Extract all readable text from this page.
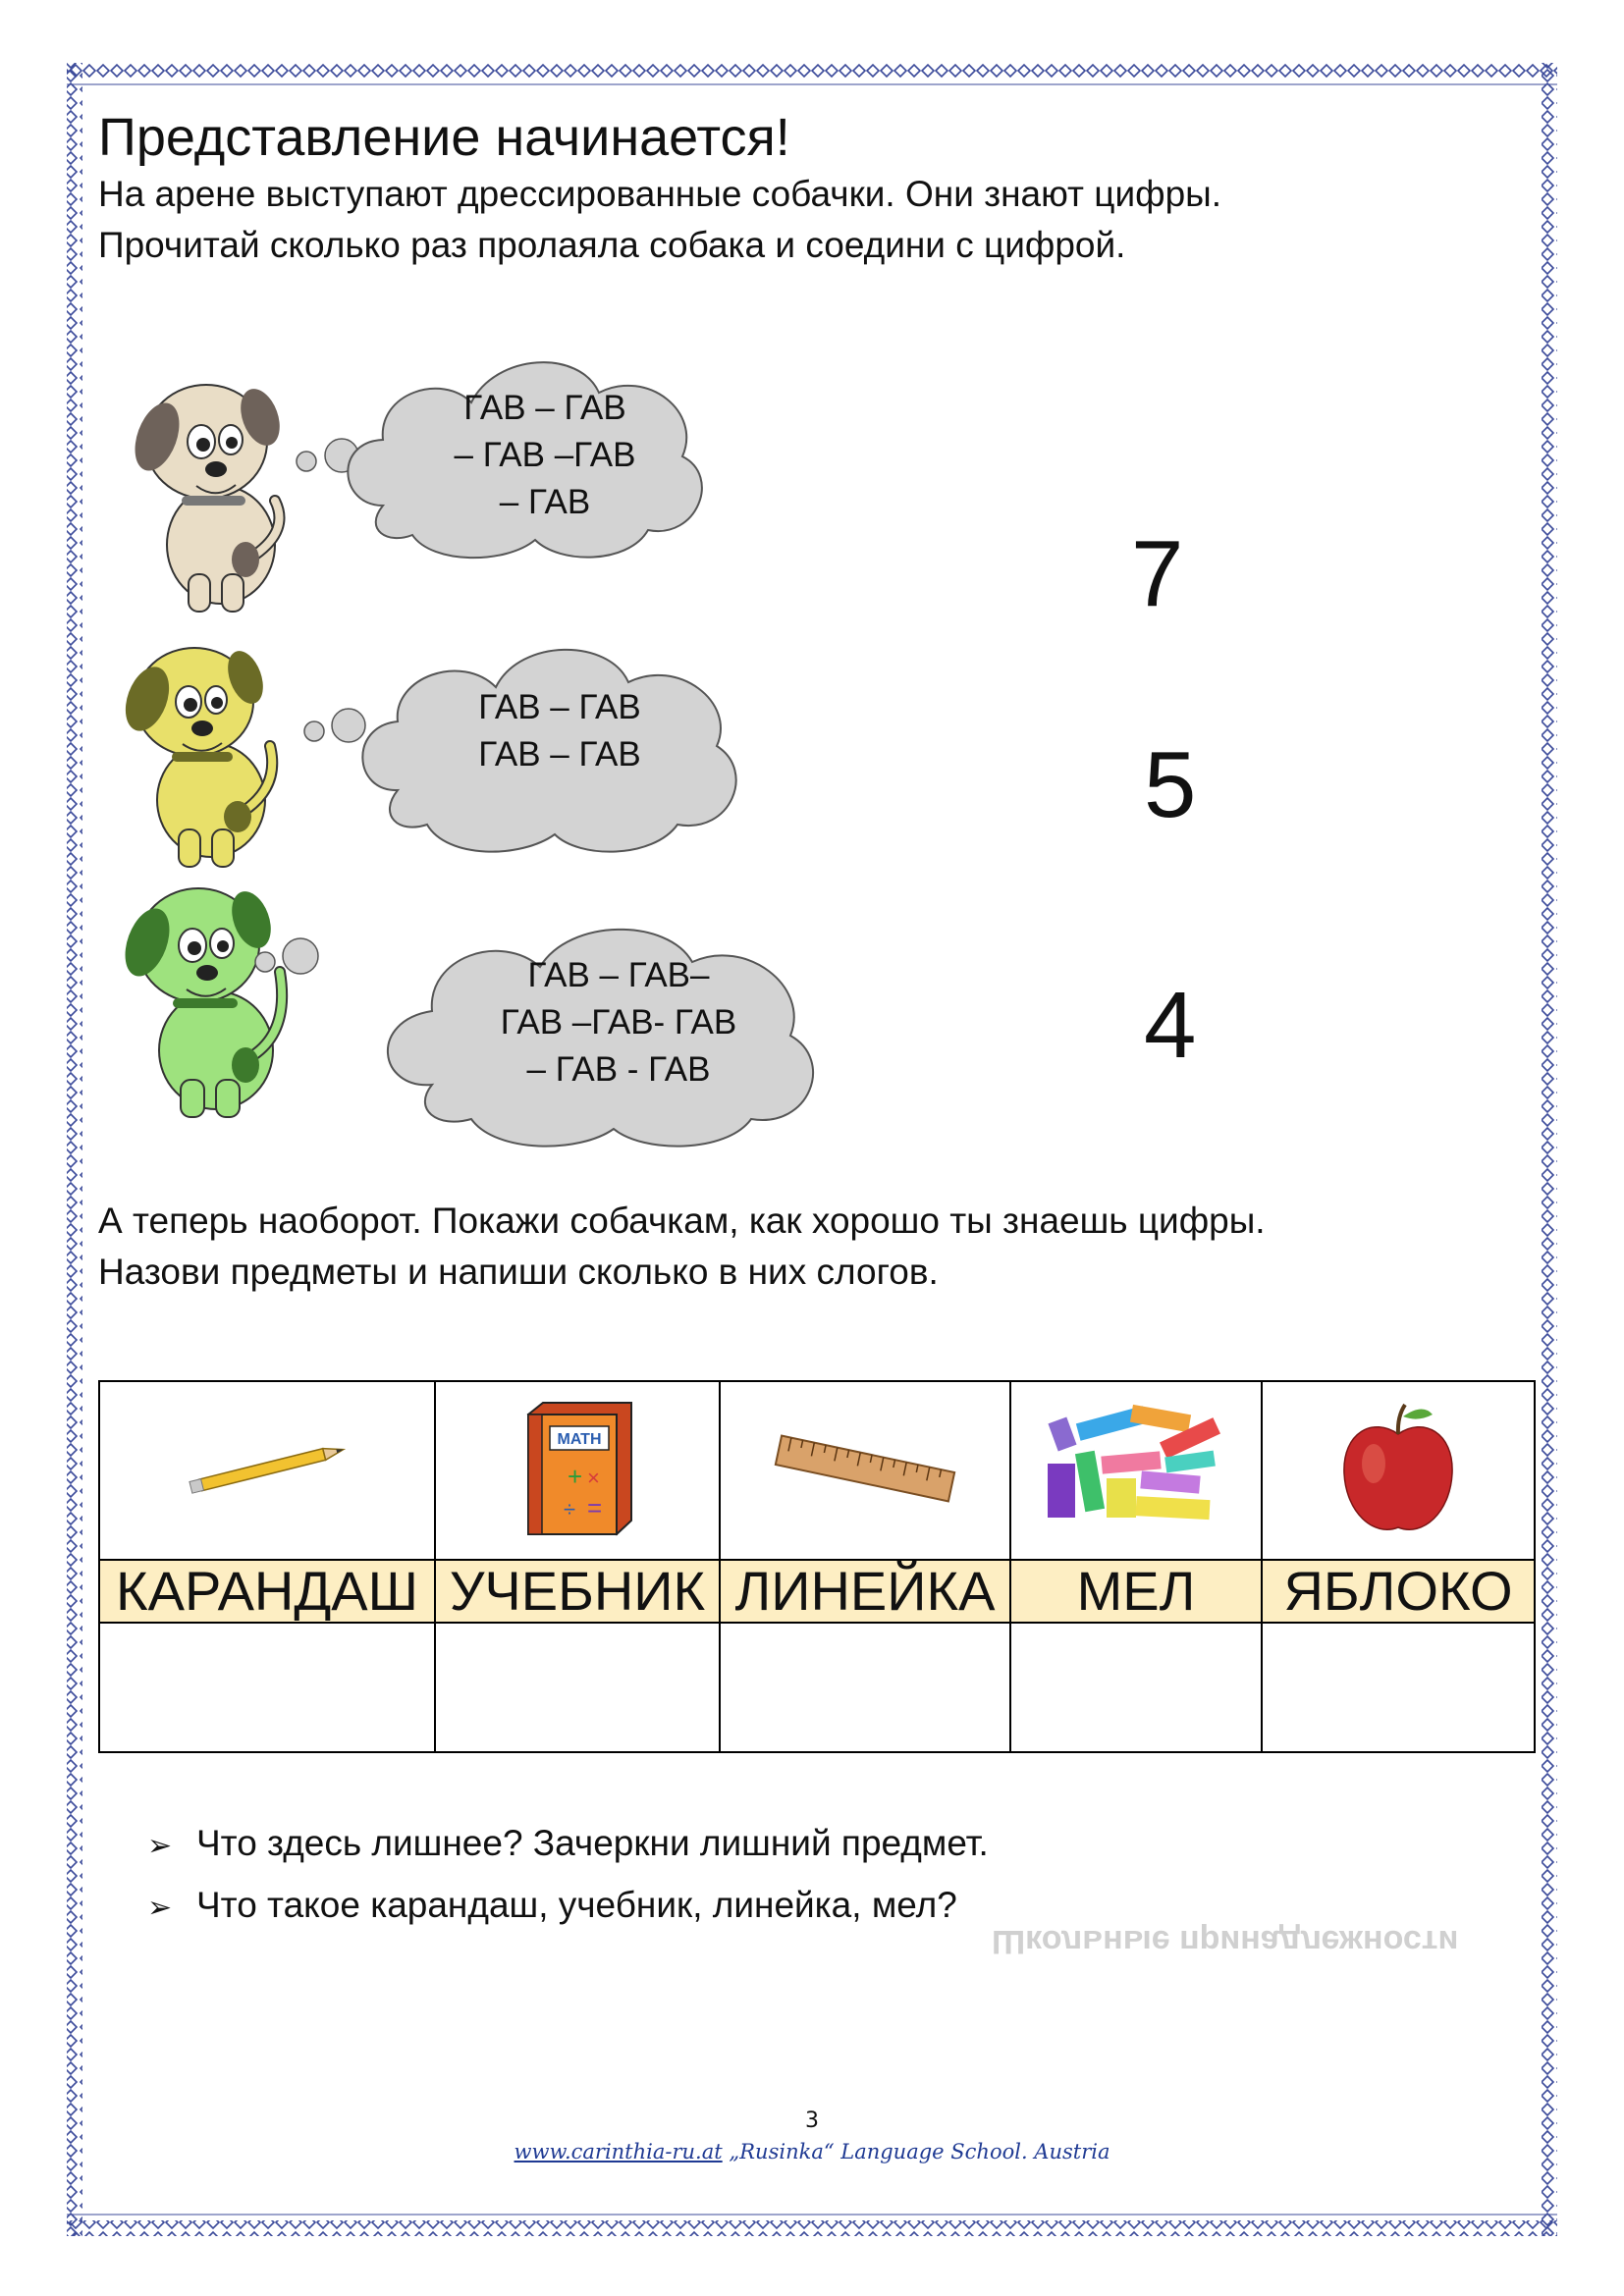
Представление начинается!
На арене выступают дрессированные собачки. Они знают цифры.
Прочитай сколько раз пролаяла собака и соедини с цифрой.
ГАВ – ГАВ
– ГАВ –ГАВ
– ГАВ
ГАВ – ГАВ
ГАВ – ГАВ
ГАВ – ГАВ–
ГАВ –ГАВ- ГАВ
– ГАВ - ГАВ
7
5
4
А теперь наоборот. Покажи собачкам, как хорошо ты знаешь цифры.
Назови предметы и напиши сколько в них слогов.

MATH
+ ×
÷ =

КАРАНДАШ	УЧЕБНИК	ЛИНЕЙКА	МЕЛ	ЯБЛОКО

➢ Что здесь лишнее? Зачеркни лишний предмет.
➢ Что такое карандаш, учебник, линейка, мел?
Школьные принадлежности
3
www.carinthia-ru.at „Rusinka“ Language School. Austria
